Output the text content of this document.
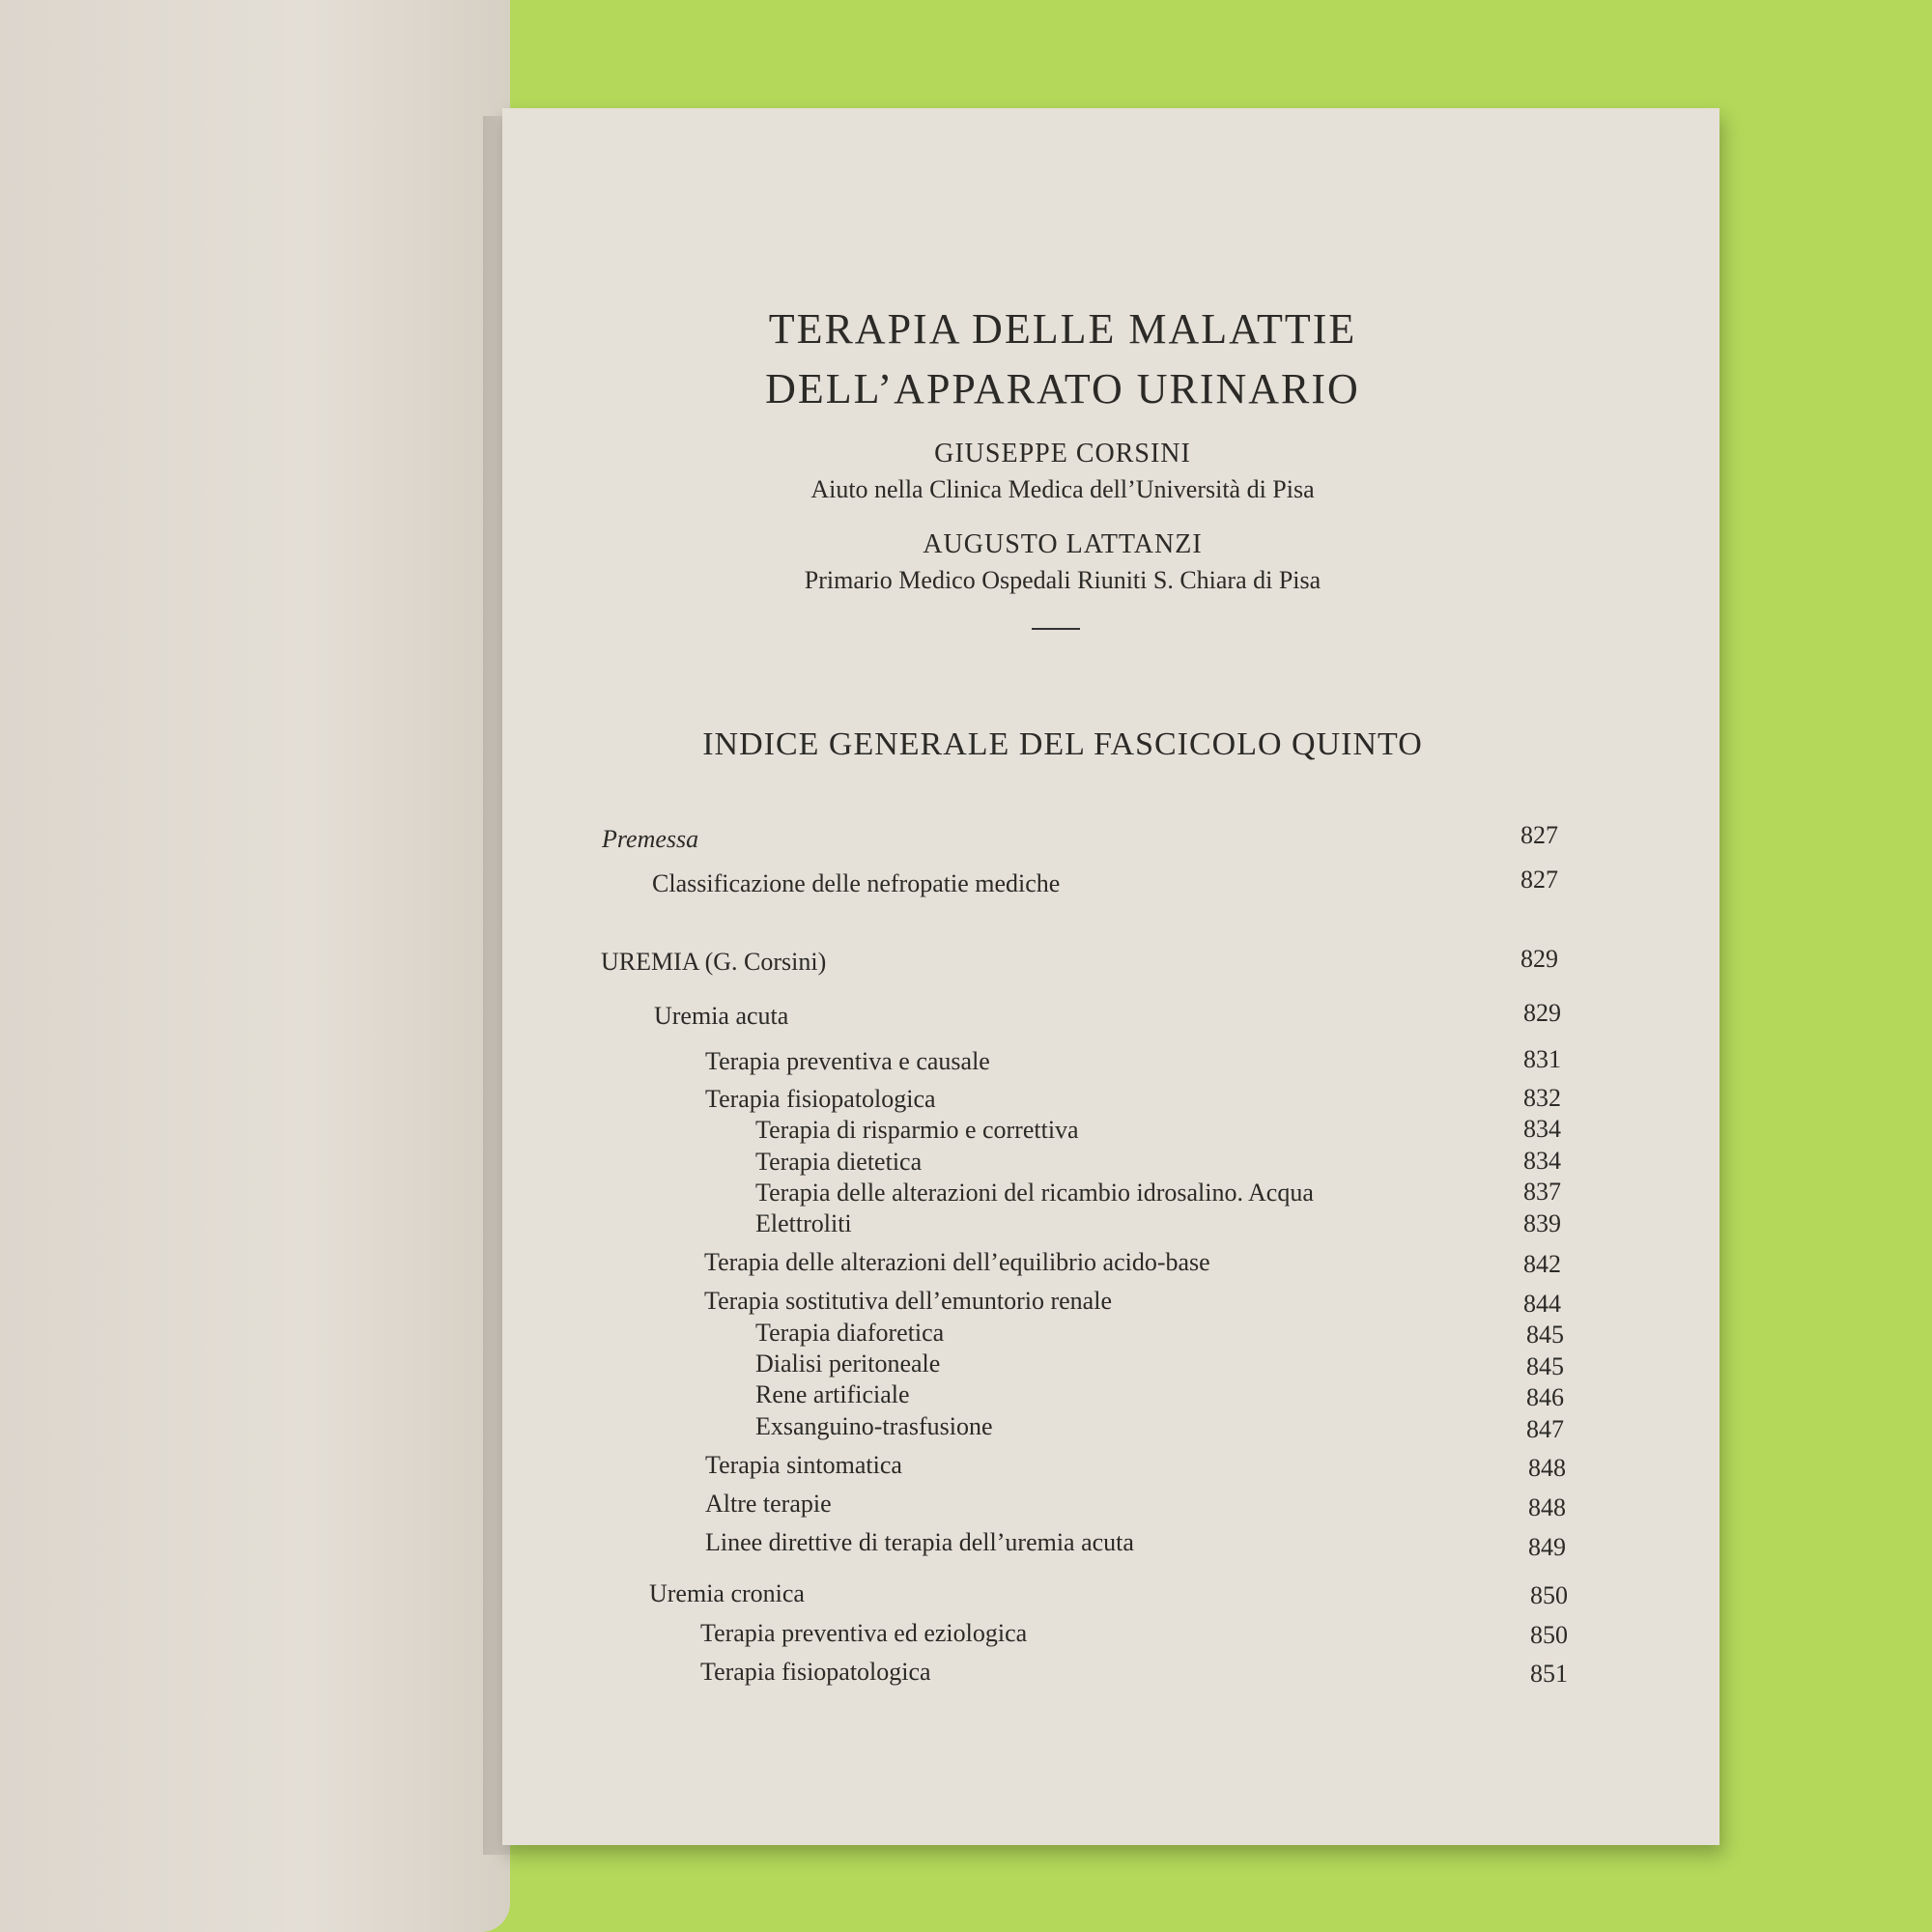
TERAPIA DELLE MALATTIE
DELL’APPARATO URINARIO
GIUSEPPE CORSINI
Aiuto nella Clinica Medica dell’Università di Pisa
AUGUSTO LATTANZI
Primario Medico Ospedali Riuniti S. Chiara di Pisa
INDICE GENERALE DEL FASCICOLO QUINTO
Premessa	827
Classificazione delle nefropatie mediche	827
UREMIA (G. Corsini)	829
Uremia acuta	829
Terapia preventiva e causale	831
Terapia fisiopatologica	832
Terapia di risparmio e correttiva	834
Terapia dietetica	834
Terapia delle alterazioni del ricambio idrosalino. Acqua	837
Elettroliti	839
Terapia delle alterazioni dell’equilibrio acido-base	842
Terapia sostitutiva dell’emuntorio renale	844
Terapia diaforetica	845
Dialisi peritoneale	845
Rene artificiale	846
Exsanguino-trasfusione	847
Terapia sintomatica	848
Altre terapie	848
Linee direttive di terapia dell’uremia acuta	849
Uremia cronica	850
Terapia preventiva ed eziologica	850
Terapia fisiopatologica	851
